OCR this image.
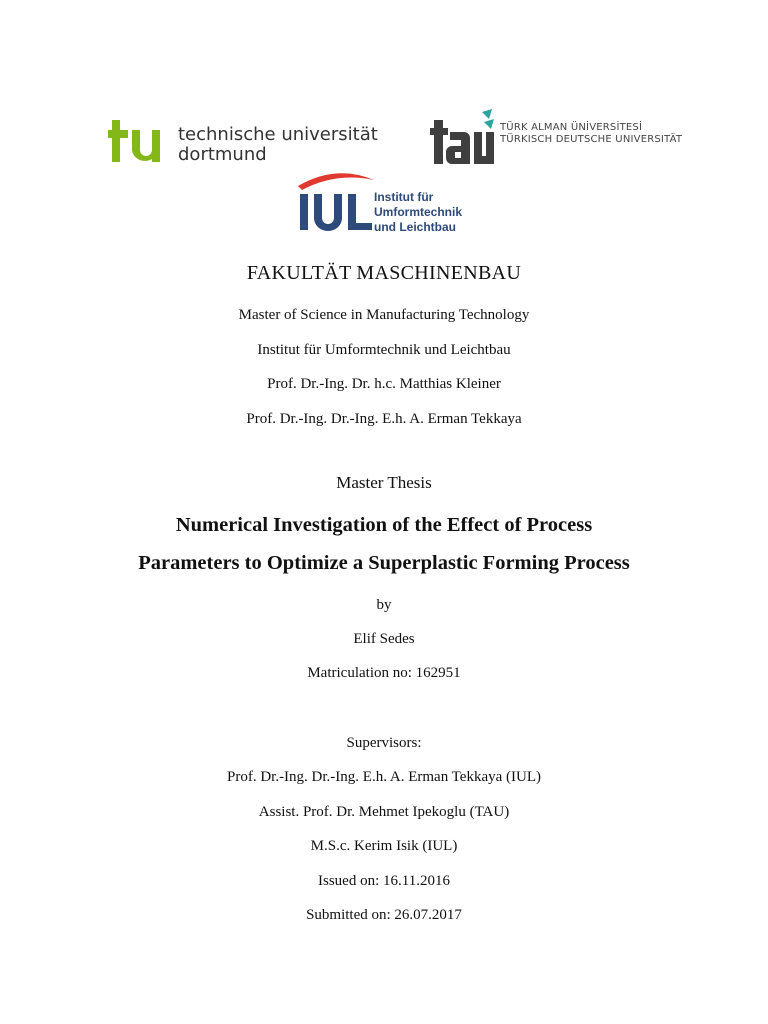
technische universität
dortmund
TÜRK ALMAN ÜNİVERSİTESİ
TÜRKISCH DEUTSCHE UNIVERSITÄT
Institut für
Umformtechnik
und Leichtbau
FAKULTÄT MASCHINENBAU
Master of Science in Manufacturing Technology
Institut für Umformtechnik und Leichtbau
Prof. Dr.-Ing. Dr. h.c. Matthias Kleiner
Prof. Dr.-Ing. Dr.-Ing. E.h. A. Erman Tekkaya
Master Thesis
Numerical Investigation of the Effect of Process
Parameters to Optimize a Superplastic Forming Process
by
Elif Sedes
Matriculation no: 162951
Supervisors:
Prof. Dr.-Ing. Dr.-Ing. E.h. A. Erman Tekkaya (IUL)
Assist. Prof. Dr. Mehmet Ipekoglu (TAU)
M.S.c. Kerim Isik (IUL)
Issued on: 16.11.2016
Submitted on: 26.07.2017
